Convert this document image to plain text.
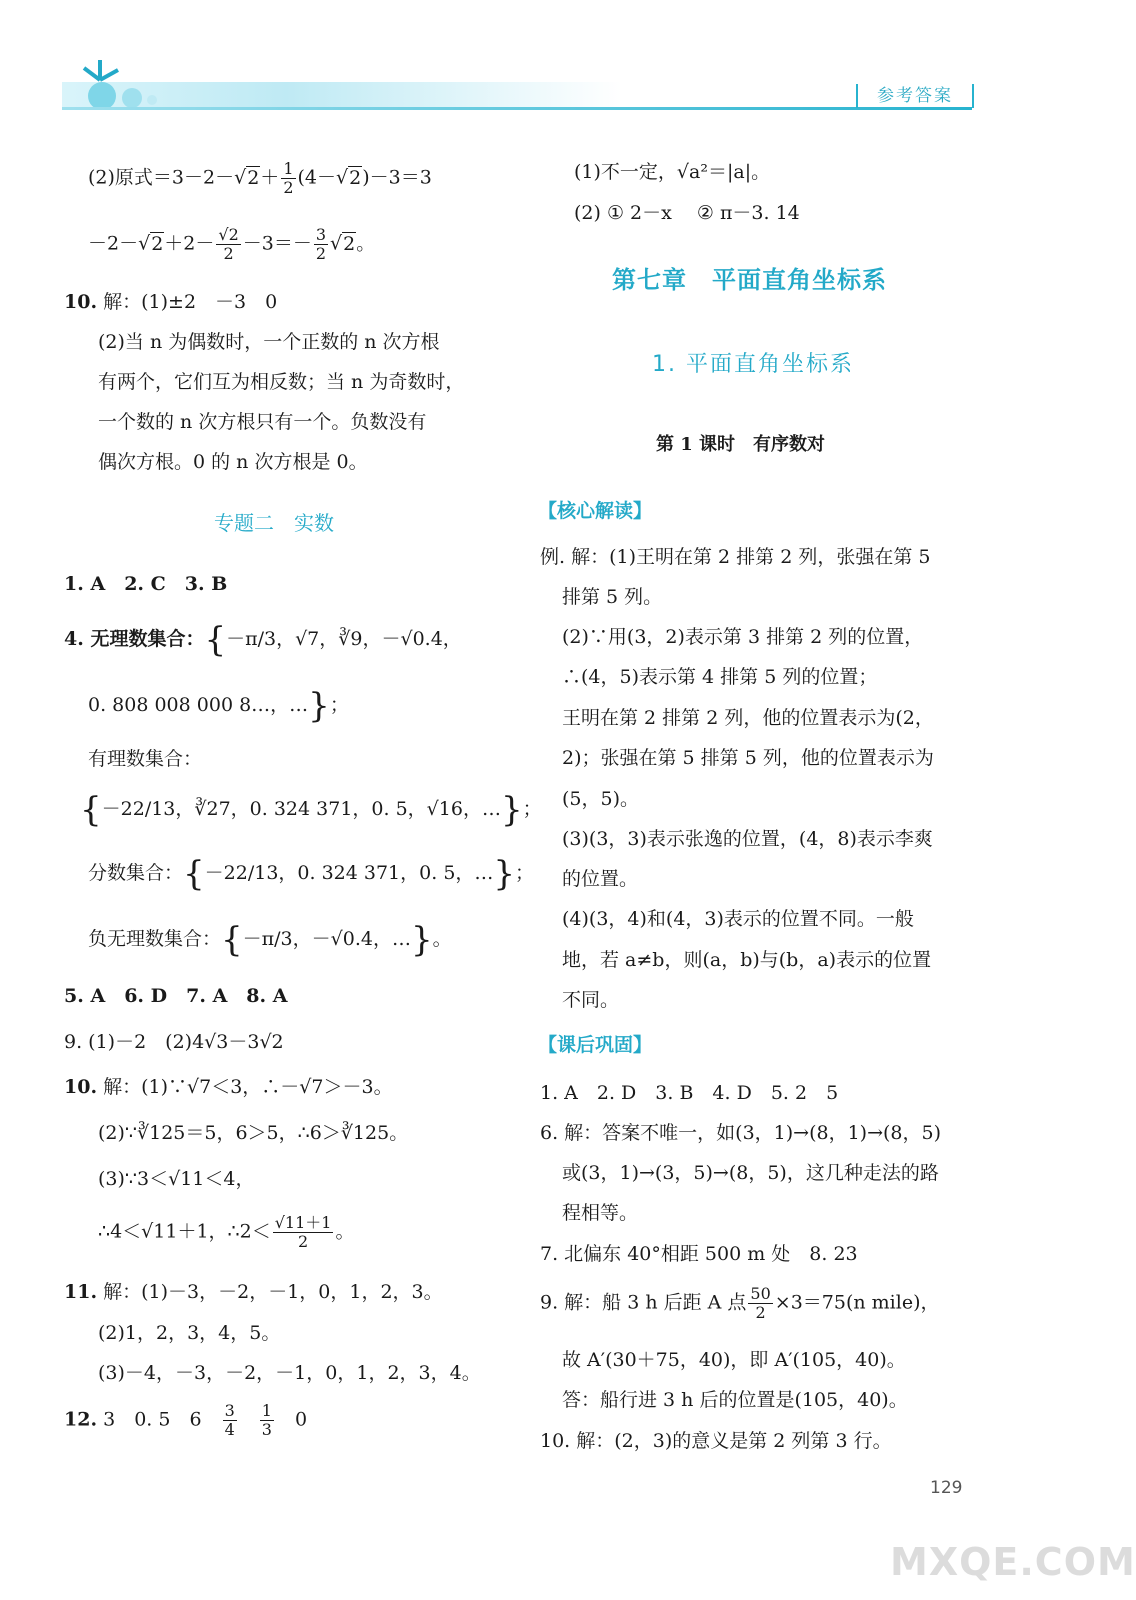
参考答案
(2)原式$=3-2-√2+ \frac{1}{2} (4-√2)-3=3$
$-2-√2+2- \frac{√2}{2} -3=- \frac{3}{2} √2$。
10. 解：(1)±2　－3　0
(2)当 n 为偶数时，一个正数的 n 次方根
有两个，它们互为相反数；当 n 为奇数时，
一个数的 n 次方根只有一个。负数没有
偶次方根。0 的 n 次方根是 0。
专题二　实数
1. A　2. C　3. B
4. 无理数集合：{－π/3，√7，∛9，－√0.4，
0. 808 008 000 8…，…}；
有理数集合：
{－22/13，∛27，0. 324 371，0. 5，√16，…}；
分数集合：{－22/13，0. 324 371，0. 5，…}；
负无理数集合：{－π/3，－√0.4，…}。
5. A　6. D　7. A　8. A
9. (1)－2　(2)4√3－3√2
10. 解：(1)∵√7＜3，∴－√7＞－3。
(2)∵∛125＝5，6＞5，∴6＞∛125。
(3)∵3＜√11＜4，
∴4＜√11＋1，∴2＜ $\frac{√11+1}{2}$ 。
11. 解：(1)－3，－2，－1，0，1，2，3。
(2)1，2，3，4，5。
(3)－4，－3，－2，－1，0，1，2，3，4。
12. 3　0. 5　6　 $\frac{3}{4}$
　 $\frac{1}{3}$
　 0
(1)不一定，√a²＝|a|。
(2) ① 2－x　 ② π－3. 14
第七章　平面直角坐标系
1. 平面直角坐标系
第 1 课时　有序数对
【核心解读】
例. 解：(1)王明在第 2 排第 2 列，张强在第 5
排第 5 列。
(2)∵用(3，2)表示第 3 排第 2 列的位置，
∴(4，5)表示第 4 排第 5 列的位置；
王明在第 2 排第 2 列，他的位置表示为(2，
2)；张强在第 5 排第 5 列，他的位置表示为
(5，5)。
(3)(3，3)表示张逸的位置，(4，8)表示李爽
的位置。
(4)(3，4)和(4，3)表示的位置不同。一般
地，若 a≠b，则(a，b)与(b，a)表示的位置
不同。
【课后巩固】
1. A　2. D　3. B　4. D　5. 2　5
6. 解：答案不唯一，如(3，1)→(8，1)→(8，5)
或(3，1)→(3，5)→(8，5)，这几种走法的路
程相等。
7. 北偏东 40°相距 500 m 处　8. 23
9. 解：船 3 h 后距 A 点 $\frac{50}{2} \times 3=75(n$ mile)，
故 A′(30＋75，40)，即 A′(105，40)。
答：船行进 3 h 后的位置是(105，40)。
10. 解：(2，3)的意义是第 2 列第 3 行。
129
MXQE.COM
